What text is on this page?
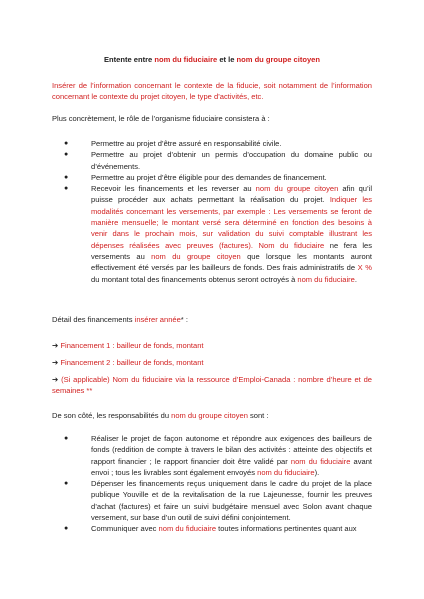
Entente entre nom du fiduciaire et le nom du groupe citoyen

Insérer de l’information concernant le contexte de la fiducie, soit notamment de l’information concernant le contexte du projet citoyen, le type d’activités, etc.

Plus concrètement, le rôle de l’organisme fiduciaire consistera à :

● Permettre au projet d’être assuré en responsabilité civile.
● Permettre au projet d’obtenir un permis d’occupation du domaine public ou d’événements.
● Permettre au projet d’être éligible pour des demandes de financement.
● Recevoir les financements et les reverser au nom du groupe citoyen afin qu’il puisse procéder aux achats permettant la réalisation du projet. Indiquer les modalités concernant les versements, par exemple : Les versements se feront de manière mensuelle; le montant versé sera déterminé en fonction des besoins à venir dans le prochain mois, sur validation du suivi comptable illustrant les dépenses réalisées avec preuves (factures). Nom du fiduciaire ne fera les versements au nom du groupe citoyen que lorsque les montants auront effectivement été versés par les bailleurs de fonds. Des frais administratifs de X % du montant total des financements obtenus seront octroyés à nom du fiduciaire.

Détail des financements insérer année* :

➔ Financement 1 : bailleur de fonds, montant

➔ Financement 2 : bailleur de fonds, montant

➔ (Si applicable) Nom du fiduciaire via la ressource d’Emploi-Canada : nombre d’heure et de semaines **

De son côté, les responsabilités du nom du groupe citoyen sont :

● Réaliser le projet de façon autonome et répondre aux exigences des bailleurs de fonds (reddition de compte à travers le bilan des activités : atteinte des objectifs et rapport financier ; le rapport financier doit être validé par nom du fiduciaire avant envoi ; tous les livrables sont également envoyés nom du fiduciaire).
● Dépenser les financements reçus uniquement dans le cadre du projet de la place publique Youville et de la revitalisation de la rue Lajeunesse, fournir les preuves d’achat (factures) et faire un suivi budgétaire mensuel avec Solon avant chaque versement, sur base d’un outil de suivi défini conjointement.
● Communiquer avec nom du fiduciaire toutes informations pertinentes quant aux
